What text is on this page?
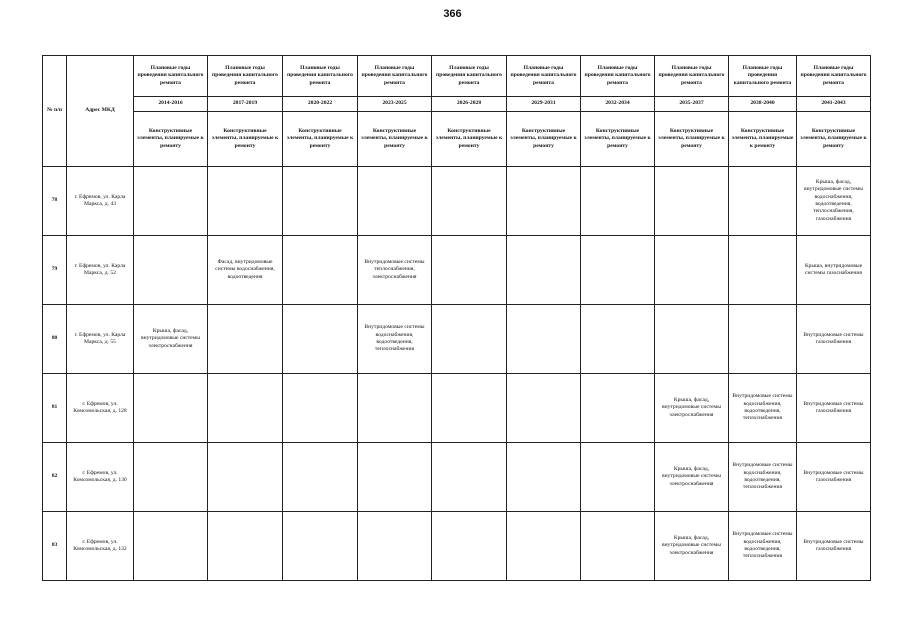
366
№ п/п	Адрес МКД	Плановые годы проведения капитального ремонта	Плановые годы проведения капитального ремонта	Плановые годы проведения капитального ремонта	Плановые годы проведения капитального ремонта	Плановые годы проведения капитального ремонта	Плановые годы проведения капитального ремонта	Плановые годы проведения капитального ремонта	Плановые годы проведения капитального ремонта	Плановые годы проведения капитального ремонта	Плановые годы проведения капитального ремонта
		2014-2016	2017-2019	2020-2022	2023-2025	2026-2028	2029-2031	2032-2034	2035-2037	2038-2040	2041-2043
		Конструктивные элементы, планируемые к ремонту	Конструктивные элементы, планируемые к ремонту	Конструктивные элементы, планируемые к ремонту	Конструктивные элементы, планируемые к ремонту	Конструктивные элементы, планируемые к ремонту	Конструктивные элементы, планируемые к ремонту	Конструктивные элементы, планируемые к ремонту	Конструктивные элементы, планируемые к ремонту	Конструктивные элементы, планируемые к ремонту	Конструктивные элементы, планируемые к ремонту
78	г. Ефремов, ул. Карла Маркса, д. 43										Крыша, фасад, внутридомовые системы водоснабжения, водоотведения, теплоснабжения, газоснабжения
79	г. Ефремов, ул. Карла Маркса, д. 52		Фасад, внутридомовые системы водоснабжения, водоотведения		Внутридомовые системы теплоснабжения, электроснабжения						Крыша, внутридомовые системы газоснабжения
80	г. Ефремов, ул. Карла Маркса, д. 55	Крыша, фасад, внутридомовые системы электроснабжения			Внутридомовые системы водоснабжения, водоотведения, теплоснабжения						Внутридомовые системы газоснабжения
81	г. Ефремов, ул. Комсомольская, д. 128								Крыша, фасад, внутридомовые системы электроснабжения	Внутридомовые системы водоснабжения, водоотведения, теплоснабжения	Внутридомовые системы газоснабжения
82	г. Ефремов, ул. Комсомольская, д. 130								Крыша, фасад, внутридомовые системы электроснабжения	Внутридомовые системы водоснабжения, водоотведения, теплоснабжения	Внутридомовые системы газоснабжения
83	г. Ефремов, ул. Комсомольская, д. 132								Крыша, фасад, внутридомовые системы электроснабжения	Внутридомовые системы водоснабжения, водоотведения, теплоснабжения	Внутридомовые системы газоснабжения
